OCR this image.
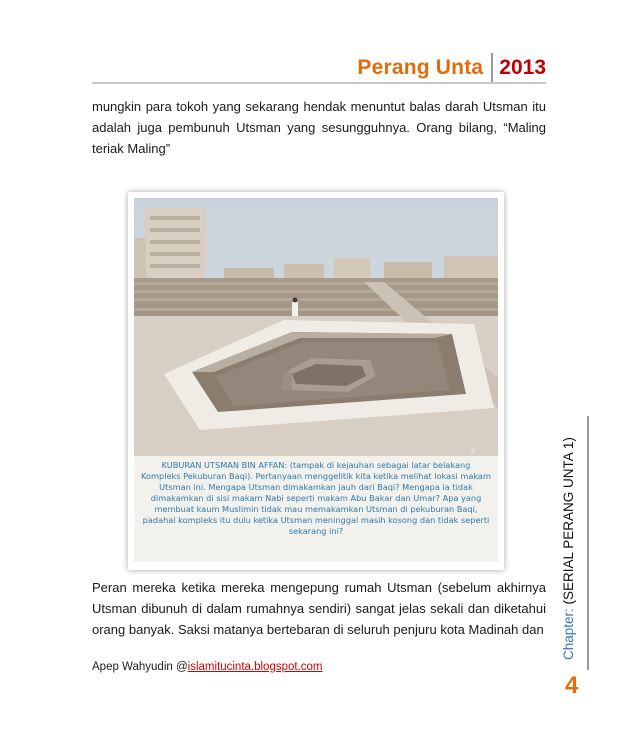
Perang Unta 2013

mungkin para tokoh yang sekarang hendak menuntut balas darah Utsman itu adalah juga pembunuh Utsman yang sesungguhnya. Orang bilang, “Maling teriak Maling”

©
KUBURAN UTSMAN BIN AFFAN: (tampak di kejauhan sebagai latar belakang
Kompleks Pekuburan Baqi). Pertanyaan menggelitik kita ketika melihat lokasi makam
Utsman ini. Mengapa Utsman dimakamkan jauh dari Baqi? Mengapa ia tidak
dimakamkan di sisi makam Nabi seperti makam Abu Bakar dan Umar? Apa yang
membuat kaum Muslimin tidak mau memakamkan Utsman di pekuburan Baqi,
padahal kompleks itu dulu ketika Utsman meninggal masih kosong dan tidak seperti
sekarang ini?

Peran mereka ketika mereka mengepung rumah Utsman (sebelum akhirnya Utsman dibunuh di dalam rumahnya sendiri) sangat jelas sekali dan diketahui orang banyak. Saksi matanya bertebaran di seluruh penjuru kota Madinah dan

Apep Wahyudin @islamitucinta.blogspot.com
Chapter: (SERIAL PERANG UNTA 1)
4
